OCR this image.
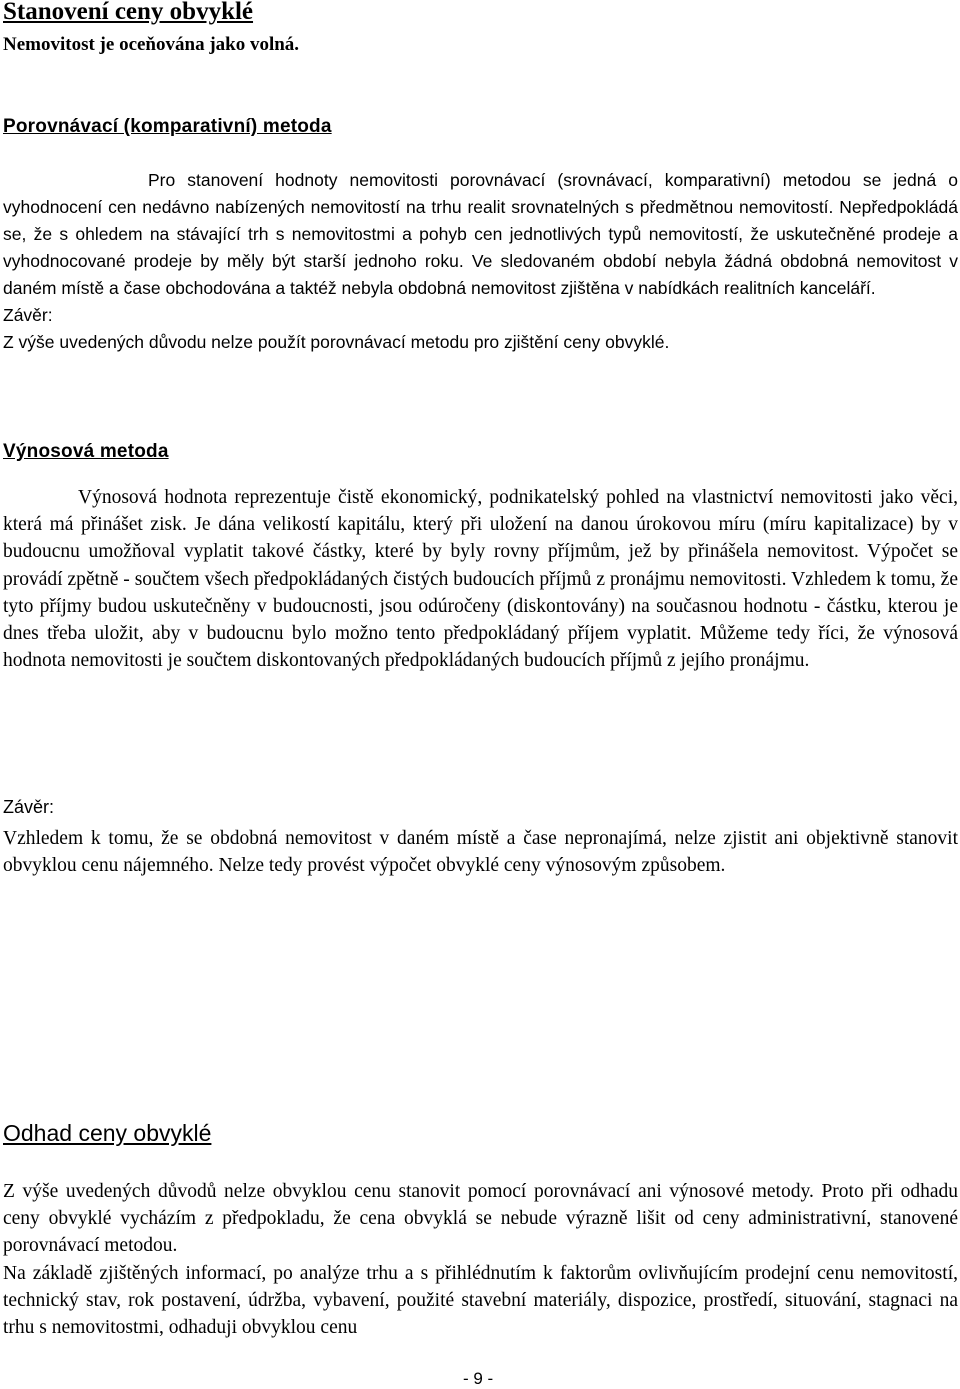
Stanovení ceny obvyklé

Nemovitost je oceňována jako volná.

Porovnávací (komparativní) metoda

Pro stanovení hodnoty nemovitosti porovnávací (srovnávací, komparativní) metodou se jedná o vyhodnocení cen nedávno nabízených nemovitostí na trhu realit srovnatelných s předmětnou nemovitostí. Nepředpokládá se, že s ohledem na stávající trh s nemovitostmi a pohyb cen jednotlivých typů nemovitostí, že uskutečněné prodeje a vyhodnocované prodeje by měly být starší jednoho roku. Ve sledovaném období nebyla žádná obdobná nemovitost v daném místě a čase obchodována a taktéž nebyla obdobná nemovitost zjištěna v nabídkách realitních kanceláří.

Závěr:

Z výše uvedených důvodu nelze použít porovnávací metodu pro zjištění ceny obvyklé.

Výnosová metoda

Výnosová hodnota reprezentuje čistě ekonomický, podnikatelský pohled na vlastnictví nemovitosti jako věci, která má přinášet zisk. Je dána velikostí kapitálu, který při uložení na danou úrokovou míru (míru kapitalizace) by v budoucnu umožňoval vyplatit takové částky, které by byly rovny příjmům, jež by přinášela nemovitost. Výpočet se provádí zpětně - součtem všech předpokládaných čistých budoucích příjmů z pronájmu nemovitosti. Vzhledem k tomu, že tyto příjmy budou uskutečněny v budoucnosti, jsou odúročeny (diskontovány) na současnou hodnotu - částku, kterou je dnes třeba uložit, aby v budoucnu bylo možno tento předpokládaný příjem vyplatit. Můžeme tedy říci, že výnosová hodnota nemovitosti je součtem diskontovaných předpokládaných budoucích příjmů z jejího pronájmu.

Závěr:

Vzhledem k tomu, že se obdobná nemovitost v daném místě a čase nepronajímá, nelze zjistit ani objektivně stanovit obvyklou cenu nájemného. Nelze tedy provést výpočet obvyklé ceny výnosovým způsobem.

Odhad ceny obvyklé

Z výše uvedených důvodů nelze obvyklou cenu stanovit pomocí porovnávací ani výnosové metody. Proto při odhadu ceny obvyklé vycházím z předpokladu, že cena obvyklá se nebude výrazně lišit od ceny administrativní, stanovené porovnávací metodou.

Na základě zjištěných informací, po analýze trhu a s přihlédnutím k faktorům ovlivňujícím prodejní cenu nemovitostí, technický stav, rok postavení, údržba, vybavení, použité stavební materiály, dispozice, prostředí, situování, stagnaci na trhu s nemovitostmi, odhaduji obvyklou cenu

- 9 -
